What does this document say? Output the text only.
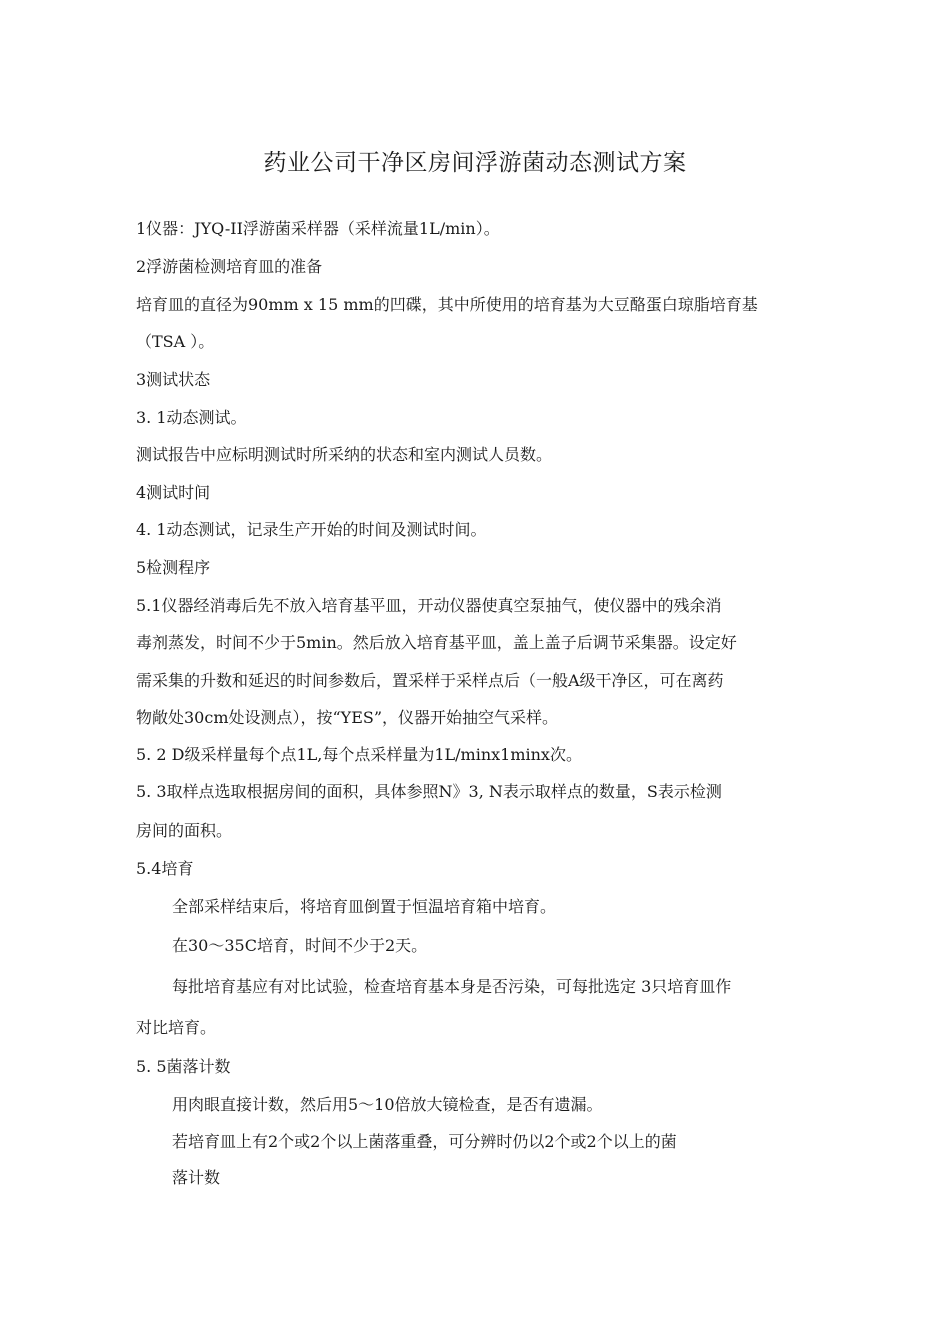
药业公司干净区房间浮游菌动态测试方案
1仪器：JYQ-II浮游菌采样器（采样流量1L/min）。
2浮游菌检测培育皿的准备
培育皿的直径为90mm x 15 mm的凹碟，其中所使用的培育基为大豆酪蛋白琼脂培育基
（TSA ）。
3测试状态
3. 1动态测试。
测试报告中应标明测试时所采纳的状态和室内测试人员数。
4测试时间
4. 1动态测试，记录生产开始的时间及测试时间。
5检测程序
5.1仪器经消毒后先不放入培育基平皿，开动仪器使真空泵抽气，使仪器中的残余消
毒剂蒸发，时间不少于5min。然后放入培育基平皿，盖上盖子后调节采集器。设定好
需采集的升数和延迟的时间参数后，置采样于采样点后（一般A级干净区，可在离药
物敞处30cm处设测点），按“YES”，仪器开始抽空气采样。
5. 2 D级采样量每个点1L,每个点采样量为1L/minx1minx次。
5. 3取样点选取根据房间的面积，具体参照N》3, N表示取样点的数量，S表示检测
房间的面积。
5.4培育
全部采样结束后，将培育皿倒置于恒温培育箱中培育。
在30〜35C培育，时间不少于2天。
每批培育基应有对比试验，检查培育基本身是否污染，可每批选定 3只培育皿作
对比培育。
5. 5菌落计数
用肉眼直接计数，然后用5〜10倍放大镜检查，是否有遗漏。
若培育皿上有2个或2个以上菌落重叠，可分辨时仍以2个或2个以上的菌
落计数
